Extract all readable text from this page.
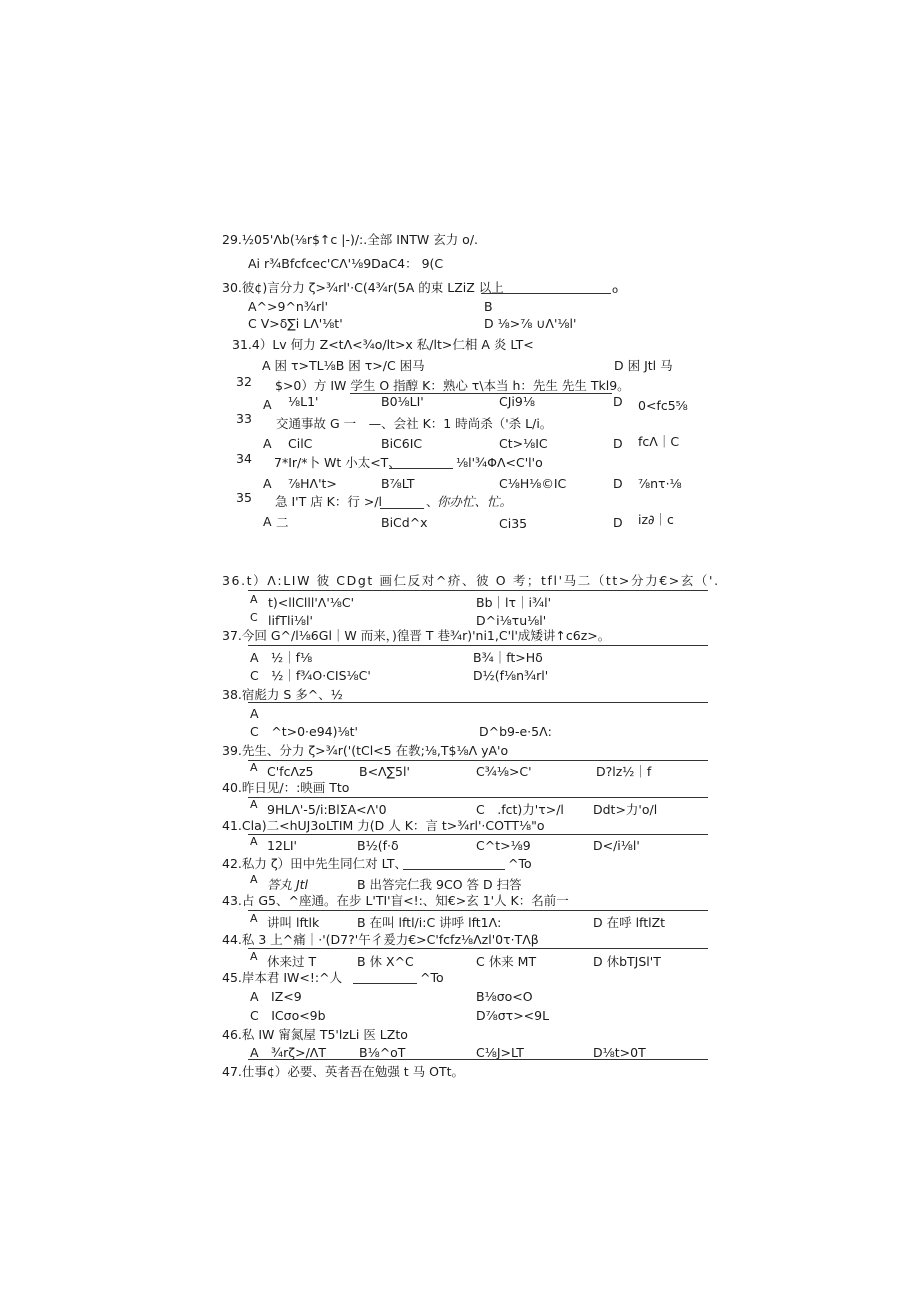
29.½05'Λb(⅛r$↑c |-)/:.全部 INTW 玄力 o/.
Ai r¾Bfcfcec'CΛ'⅛9DaC4： 9(C
30.彼¢)言分力 ζ>¾rl'·C(4¾r(5A 的束 LZiZ 以上	o
A^>9^n¾rl'	B
C V>δ∑i LΛ'⅛t'	D ⅛>⅞ ∪Λ'⅛l'
31.4）Lv 何力 Z<tΛ<¾o/lt>x 私/lt>仁相 A 炎 LT<
A 困 τ>TL⅛B 困 τ>/C 困马	D 困 Jtl 马
32 $>0）方 IW 学生 O 指醇 K：熟心 τ\本当 h：先生 先生 Tkl9。
A ⅛L1'	B0⅛LI'	CJi9⅛	D 0<fc5⅝
33 交通事故 G 一　—、会社 K：1 時尚杀（'杀 L/i。
A CilC	BiC6IC	Ct>⅛IC	D fcΛ｜C
34 7*Ir/*卜 Wt 小太<T、	⅛l'¾ΦΛ<C'l'o
A ⅞HΛ't>	B⅞LT	C⅛H⅛©IC	D ⅞nτ·⅛
35 急 I'T 店 K：行 >/l	、
你办忙、忙。
A 二	BiCd^x	Ci35	D iz∂｜c
36.t）Λ:LIW 彼 CDgt 画仁反对^疥、彼 O 考；tfl'马二（tt>分力€>玄（'.
A t)<llClll'Λ'⅛C'	Bb｜lτ｜i¾l'
C lifTli⅛l'	D^i⅛τu⅛l'
37.今回 G^/l⅛6Gl｜W 而来，)徨晋 T 巷¾r)'ni1,C'l'成矮讲↑c6z>。
A　½｜f⅛	B¾｜ft>Hδ
C　½｜f¾O·CIS⅛C'	D½(f⅛n¾rl'
38.宿彪力 S 多^、½
A
C　^t>0·e94)⅛t'	D^b9-e·5Λ:
39.先生、分力 ζ>¾r('(tCl<5 在教;⅛,T$⅛Λ yA'o
A C'fcΛz5	B<Λ∑5l'	C¾⅛>C'	D?lz½｜f
40.昨日见/：:映画 Tto
A 9HLΛ'-5/i:BlΣA<Λ'0	C　.fct)力'τ>/l Ddt>力'o/l
41.Cla)二<hUJ3oLTIM 力(D 人 K：言 t>¾rl'·COTT⅛"o
A 12LI'	B½(f·δ	C^t>⅛9	D</i⅛l'
42.私力 ζ）田中先生同仁对 LT、	^To
A 答丸 Jtl	B 出答完仁我 9CO 答 D 扫答
43.占 G5、^座通。在步 L'TI'盲<!:、知€>玄 1'人 K：名前一
A 讲叫 lftlk	B 在叫 lftl/i:C 讲呼 lft1Λ:	D 在呼 lftlZt
44.私 3 上^痛｜·'(D7?'午彳爰力€>C'fcfz⅛Λzl'0τ·TΛβ
A 休来过 T	B 休 X^C	C 休来 MT	D 休bTJSl'T
45.岸本君 IW<!:^人	^To
A　IZ<9	B⅛σo<O
C　ICσo<9b	D⅞στ><9L
46.私 IW 甯氮屋 T5'lzLi 医 LZto
A　¾rζ>/ΛT	B⅛^oT	C⅛J>LT	D⅛t>0T
47.仕事¢）必要、英者吾在勉强 t 马 OTt。
